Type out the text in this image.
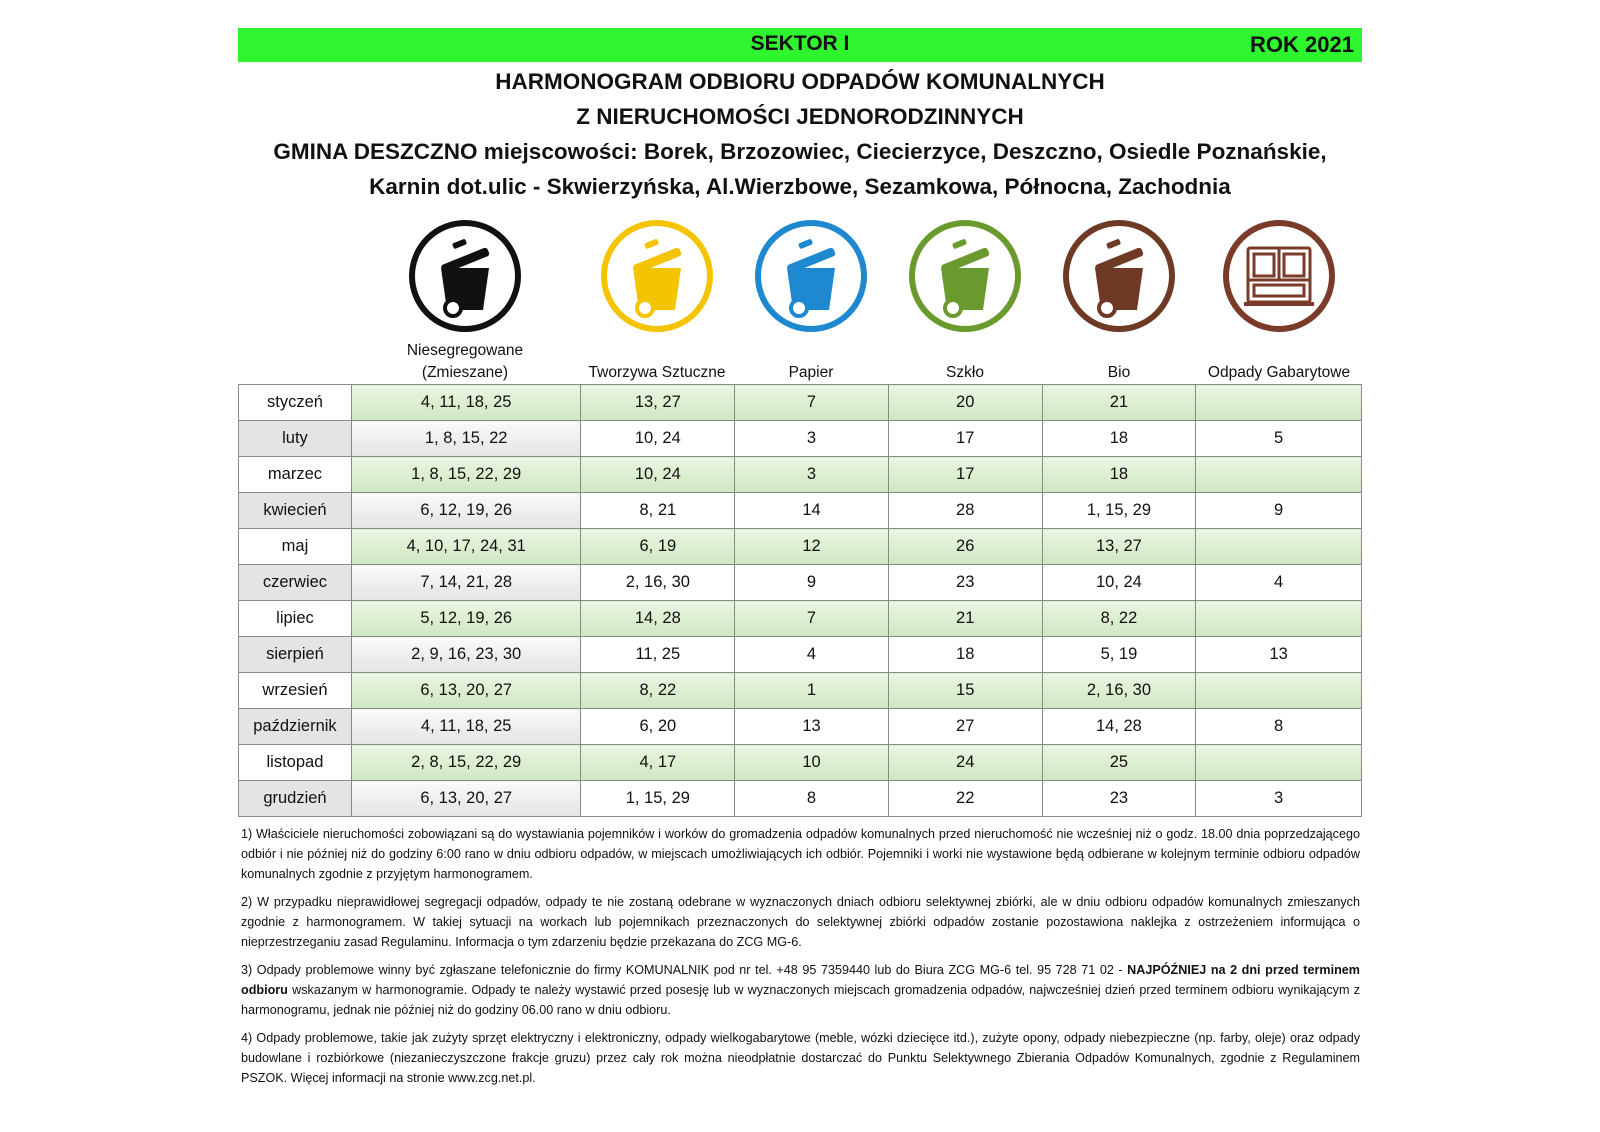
SEKTOR I	ROK 2021
HARMONOGRAM ODBIORU ODPADÓW KOMUNALNYCH
Z NIERUCHOMOŚCI JEDNORODZINNYCH
GMINA DESZCZNO miejscowości: Borek, Brzozowiec, Ciecierzyce, Deszczno, Osiedle Poznańskie,
Karnin dot.ulic - Skwierzyńska, Al.Wierzbowe, Sezamkowa, Północna, Zachodnia
Niesegregowane
(Zmieszane)	Tworzywa Sztuczne	Papier	Szkło	Bio	Odpady Gabarytowe
styczeń	4, 11, 18, 25	13, 27	7	20	21	
luty	1, 8, 15, 22	10, 24	3	17	18	5
marzec	1, 8, 15, 22, 29	10, 24	3	17	18	
kwiecień	6, 12, 19, 26	8, 21	14	28	1, 15, 29	9
maj	4, 10, 17, 24, 31	6, 19	12	26	13, 27	
czerwiec	7, 14, 21, 28	2, 16, 30	9	23	10, 24	4
lipiec	5, 12, 19, 26	14, 28	7	21	8, 22	
sierpień	2, 9, 16, 23, 30	11, 25	4	18	5, 19	13
wrzesień	6, 13, 20, 27	8, 22	1	15	2, 16, 30	
październik	4, 11, 18, 25	6, 20	13	27	14, 28	8
listopad	2, 8, 15, 22, 29	4, 17	10	24	25	
grudzień	6, 13, 20, 27	1, 15, 29	8	22	23	3

1) Właściciele nieruchomości zobowiązani są do wystawiania pojemników i worków do gromadzenia odpadów komunalnych przed nieruchomość nie wcześniej niż o godz. 18.00 dnia poprzedzającego odbiór i nie później niż do godziny 6:00 rano w dniu odbioru odpadów, w miejscach umożliwiających ich odbiór. Pojemniki i worki nie wystawione będą odbierane w kolejnym terminie odbioru odpadów komunalnych zgodnie z przyjętym harmonogramem.

2) W przypadku nieprawidłowej segregacji odpadów, odpady te nie zostaną odebrane w wyznaczonych dniach odbioru selektywnej zbiórki, ale w dniu odbioru odpadów komunalnych zmieszanych zgodnie z harmonogramem. W takiej sytuacji na workach lub pojemnikach przeznaczonych do selektywnej zbiórki odpadów zostanie pozostawiona naklejka z ostrzeżeniem informująca o nieprzestrzeganiu zasad Regulaminu. Informacja o tym zdarzeniu będzie przekazana do ZCG MG-6.

3) Odpady problemowe winny być zgłaszane telefonicznie do firmy KOMUNALNIK pod nr tel. +48 95 7359440 lub do Biura ZCG MG-6 tel. 95 728 71 02 - NAJPÓŹNIEJ na 2 dni przed terminem odbioru wskazanym w harmonogramie. Odpady te należy wystawić przed posesję lub w wyznaczonych miejscach gromadzenia odpadów, najwcześniej dzień przed terminem odbioru wynikającym z harmonogramu, jednak nie później niż do godziny 06.00 rano w dniu odbioru.

4) Odpady problemowe, takie jak zużyty sprzęt elektryczny i elektroniczny, odpady wielkogabarytowe (meble, wózki dziecięce itd.), zużyte opony, odpady niebezpieczne (np. farby, oleje) oraz odpady budowlane i rozbiórkowe (niezanieczyszczone frakcje gruzu) przez cały rok można nieodpłatnie dostarczać do Punktu Selektywnego Zbierania Odpadów Komunalnych, zgodnie z Regulaminem PSZOK. Więcej informacji na stronie www.zcg.net.pl.
